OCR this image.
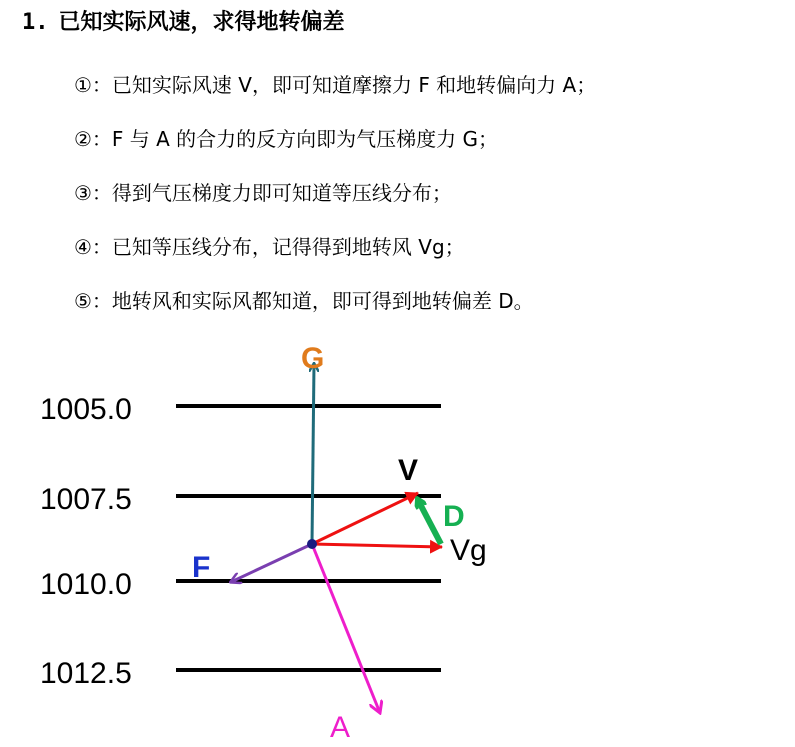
1. 已知实际风速，求得地转偏差
①：已知实际风速 V，即可知道摩擦力 F 和地转偏向力 A；
②：F 与 A 的合力的反方向即为气压梯度力 G；
③：得到气压梯度力即可知道等压线分布；
④：已知等压线分布，记得得到地转风 Vg；
⑤：地转风和实际风都知道，即可得到地转偏差 D。
1005.0
1007.5
1010.0
1012.5
G
V
Vg
D
F
A
